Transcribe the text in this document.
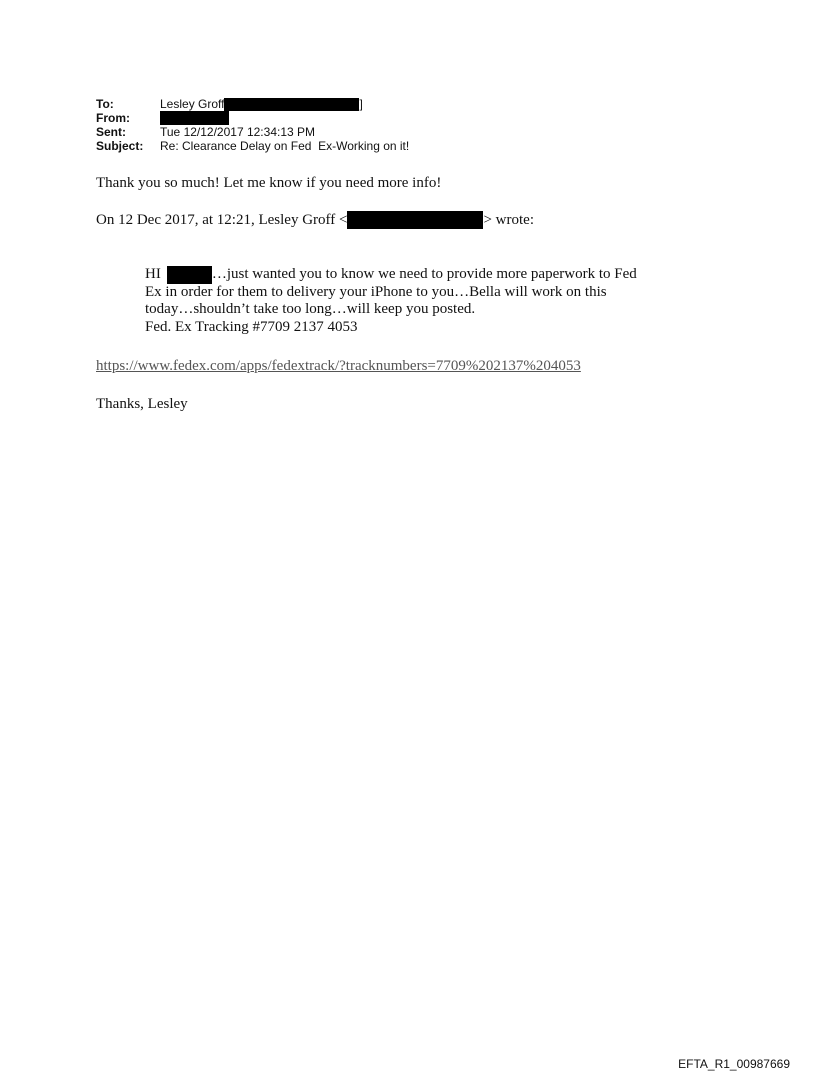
To:	Lesley Groff	]
From:
Sent:	Tue 12/12/2017 12:34:13 PM
Subject:	Re: Clearance Delay on Fed  Ex-Working on it!
Thank you so much! Let me know if you need more info!
On 12 Dec 2017, at 12:21, Lesley Groff <	> wrote:
HI	…just wanted you to know we need to provide more paperwork to Fed
Ex in order for them to delivery your iPhone to you…Bella will work on this
today…shouldn’t take too long…will keep you posted.
Fed. Ex Tracking #7709 2137 4053
https://www.fedex.com/apps/fedextrack/?tracknumbers=7709%202137%204053
Thanks, Lesley
EFTA_R1_00987669
